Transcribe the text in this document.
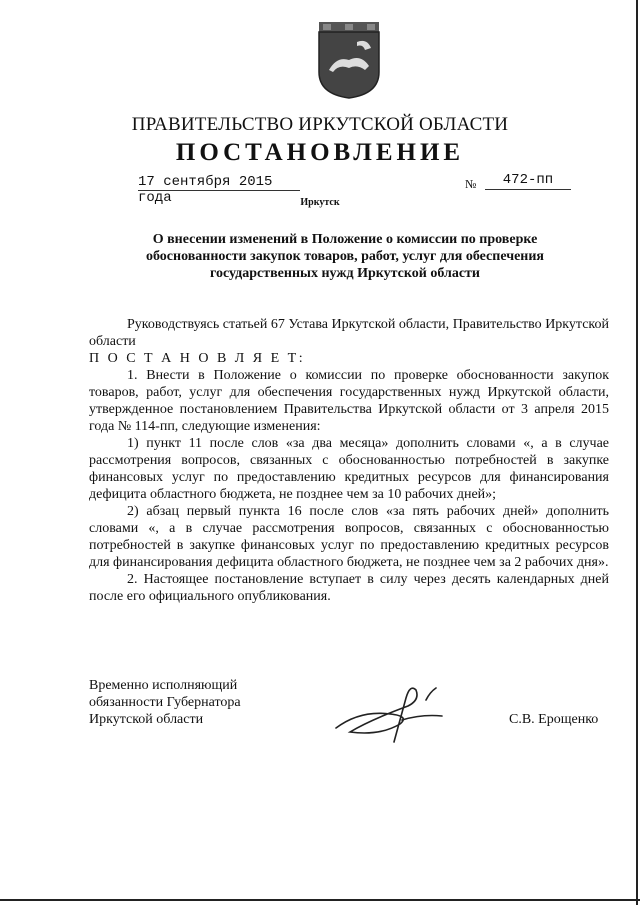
ПРАВИТЕЛЬСТВО ИРКУТСКОЙ ОБЛАСТИ
ПОСТАНОВЛЕНИЕ
17 сентября 2015 года
№	472-пп
Иркутск
О внесении изменений в Положение о комиссии по проверке обоснованности закупок товаров, работ, услуг для обеспечения государственных нужд Иркутской области

Руководствуясь статьей 67 Устава Иркутской области, Правительство Иркутской области

П О С Т А Н О В Л Я Е Т:

1. Внести в Положение о комиссии по проверке обоснованности закупок товаров, работ, услуг для обеспечения государственных нужд Иркутской области, утвержденное постановлением Правительства Иркутской области от 3 апреля 2015 года № 114-пп, следующие изменения:

1) пункт 11 после слов «за два месяца» дополнить словами «, а в случае рассмотрения вопросов, связанных с обоснованностью потребностей в закупке финансовых услуг по предоставлению кредитных ресурсов для финансирования дефицита областного бюджета, не позднее чем за 10 рабочих дней»;

2) абзац первый пункта 16 после слов «за пять рабочих дней» дополнить словами «, а в случае рассмотрения вопросов, связанных с обоснованностью потребностей в закупке финансовых услуг по предоставлению кредитных ресурсов для финансирования дефицита областного бюджета, не позднее чем за 2 рабочих дня».

2. Настоящее постановление вступает в силу через десять календарных дней после его официального опубликования.

Временно исполняющий
обязанности Губернатора
Иркутской области	С.В. Ерощенко
